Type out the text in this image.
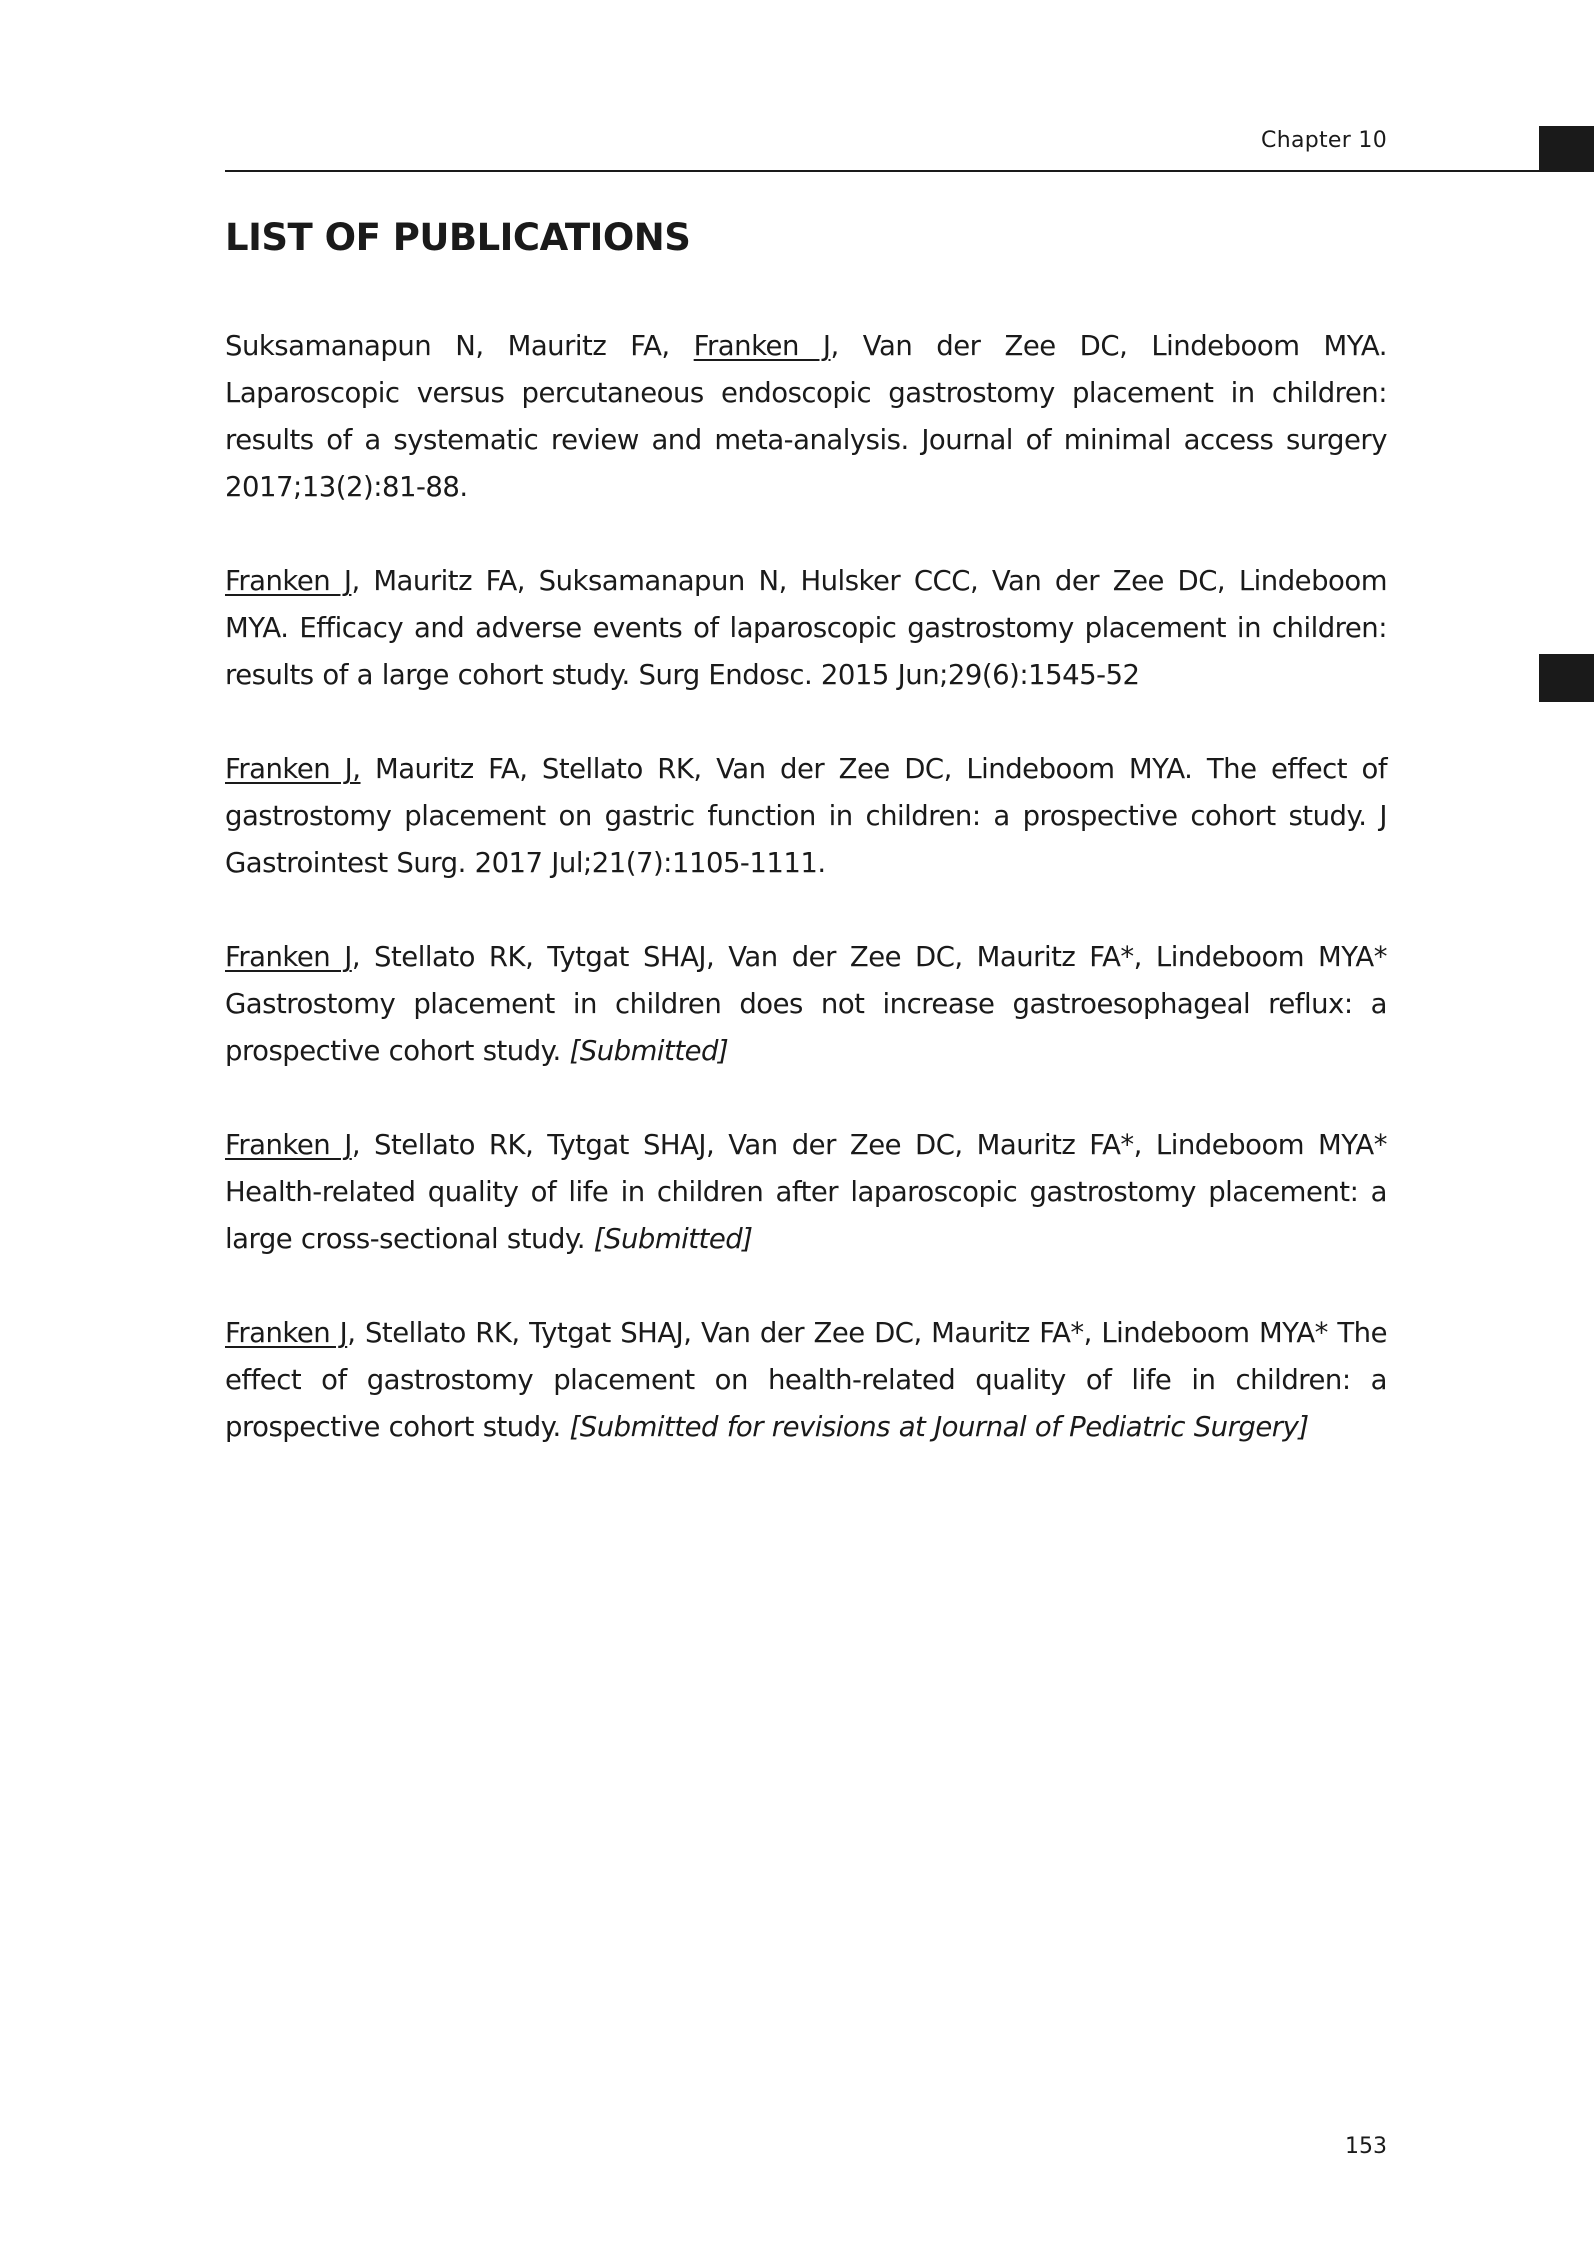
Chapter 10
LIST OF PUBLICATIONS
Suksamanapun N, Mauritz FA, Franken J, Van der Zee DC, Lindeboom MYA. Laparoscopic versus percutaneous endoscopic gastrostomy placement in children: results of a systematic review and meta-analysis. Journal of minimal access surgery 2017;13(2):81-88.
Franken J, Mauritz FA, Suksamanapun N, Hulsker CCC, Van der Zee DC, Lindeboom MYA. Efficacy and adverse events of laparoscopic gastrostomy placement in children: results of a large cohort study. Surg Endosc. 2015 Jun;29(6):1545-52
Franken J, Mauritz FA, Stellato RK, Van der Zee DC, Lindeboom MYA. The effect of gastrostomy placement on gastric function in children: a prospective cohort study. J Gastrointest Surg. 2017 Jul;21(7):1105-1111.
Franken J, Stellato RK, Tytgat SHAJ, Van der Zee DC, Mauritz FA*, Lindeboom MYA* Gastrostomy placement in children does not increase gastroesophageal reflux: a prospective cohort study. [Submitted]
Franken J, Stellato RK, Tytgat SHAJ, Van der Zee DC, Mauritz FA*, Lindeboom MYA* Health-related quality of life in children after laparoscopic gastrostomy placement: a large cross-sectional study. [Submitted]
Franken J, Stellato RK, Tytgat SHAJ, Van der Zee DC, Mauritz FA*, Lindeboom MYA* The effect of gastrostomy placement on health-related quality of life in children: a prospective cohort study. [Submitted for revisions at Journal of Pediatric Surgery]
153
